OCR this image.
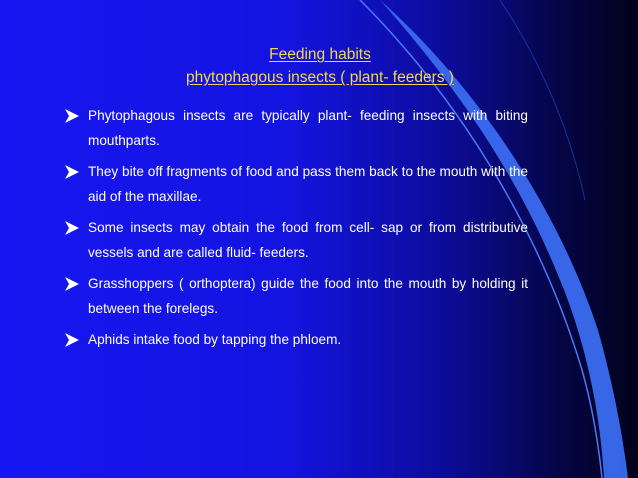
Feeding habits
phytophagous insects ( plant- feeders )
Phytophagous insects are typically plant- feeding insects with biting mouthparts.
They bite off fragments of food and pass them back to the mouth with the aid of the maxillae.
Some insects may obtain the food from cell- sap or from distributive vessels and are called fluid- feeders.
Grasshoppers ( orthoptera) guide the food into the mouth by holding it between the forelegs.
Aphids intake food by tapping the phloem.
